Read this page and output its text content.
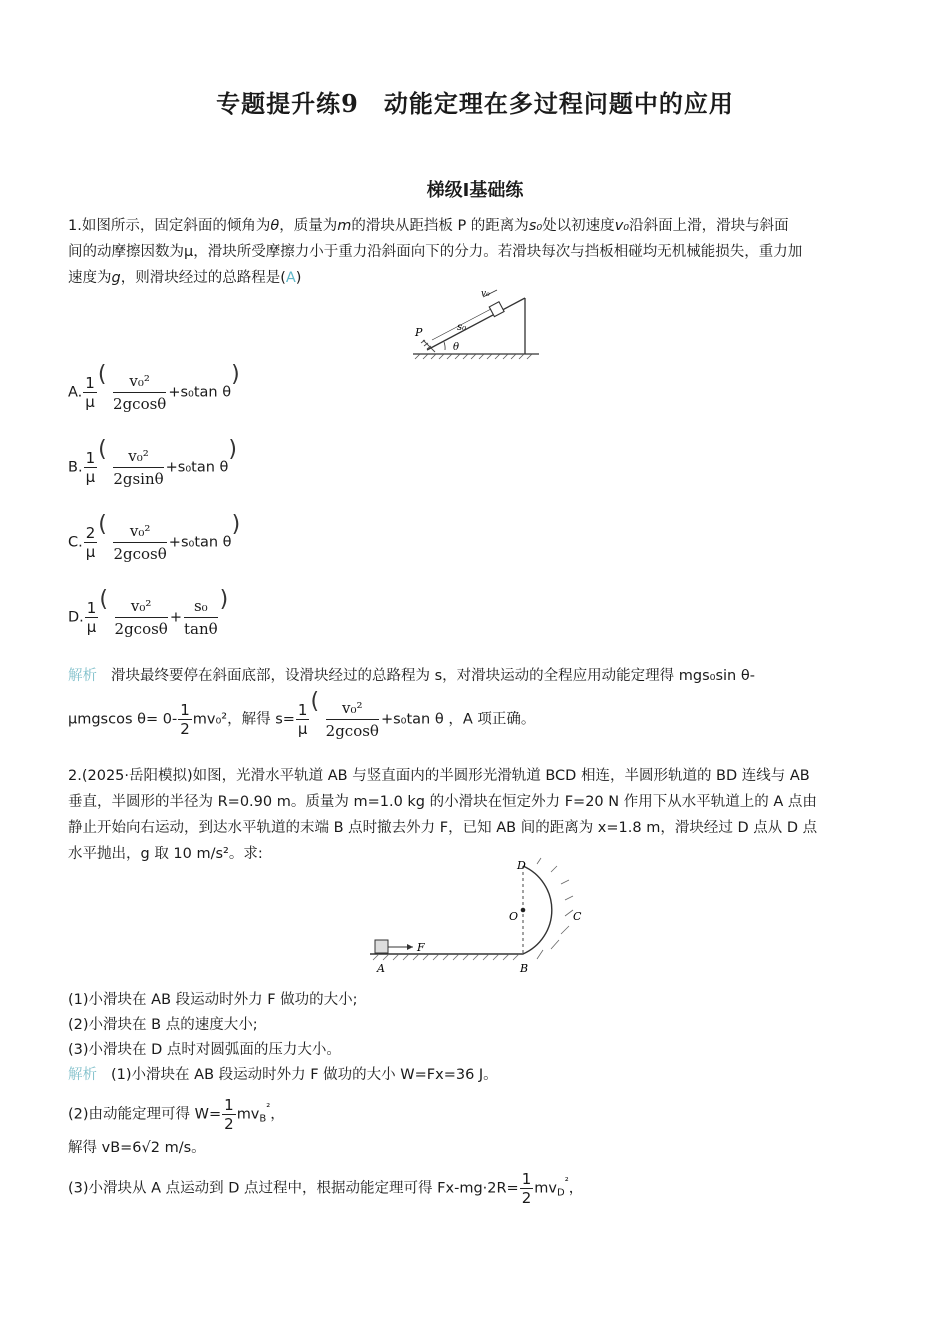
专题提升练9　动能定理在多过程问题中的应用
梯级Ⅰ基础练
1.如图所示，固定斜面的倾角为θ，质量为m的滑块从距挡板 P 的距离为s₀处以初速度v₀沿斜面上滑，滑块与斜面
间的动摩擦因数为μ，滑块所受摩擦力小于重力沿斜面向下的分力。若滑块每次与挡板相碰均无机械能损失，重力加
速度为g，则滑块经过的总路程是(A)
P	s₀
v₀
θ
A. $\frac{1}{\mu}$ ( $\frac{\text{v₀²}}{2gcos\theta} +s_0\tan$ θ)
B. $\frac{1}{\mu}$ ( $\frac{\text{v₀²}}{2gsin\theta} +s_0\tan$ θ)
C. $\frac{2}{\mu}$ ( $\frac{\text{v₀²}}{2gcos\theta} +s_0\tan$ θ)
D. $\frac{1}{\mu}$ ( $\frac{\text{v₀²}}{2gcos\theta} + \frac{\text{s₀}}{\tan\theta}$ )
解析 滑块最终要停在斜面底部，设滑块经过的总路程为 s，对滑块运动的全程应用动能定理得 mgs₀sin θ-
μmgscos $\theta= 0- \frac{1}{2} mv_0^2$，解得 $s= \frac{1}{\mu}$ ( $\frac{\text{v₀²}}{2gcos\theta} +s_0\tan$ θ ，A 项正确。
2.(2025·岳阳模拟)如图，光滑水平轨道 AB 与竖直面内的半圆形光滑轨道 BCD 相连，半圆形轨道的 BD 连线与 AB
垂直，半圆形的半径为 R=0.90 m。质量为 m=1.0 kg 的小滑块在恒定外力 F=20 N 作用下从水平轨道上的 A 点由
静止开始向右运动，到达水平轨道的末端 B 点时撤去外力 F，已知 AB 间的距离为 x=1.8 m，滑块经过 D 点从 D 点
水平抛出，g 取 10 m/s²。求:
A	B
C
D
O
F
(1)小滑块在 AB 段运动时外力 F 做功的大小;
(2)小滑块在 B 点的速度大小;
(3)小滑块在 D 点时对圆弧面的压力大小。
解析 (1)小滑块在 AB 段运动时外力 F 做功的大小 W=Fx=36 J。
(2)由动能定理可得 $W= \frac{1}{2} mv_B^{^2}$，
解得 vB=6√2 m/s。
(3)小滑块从 A 点运动到 D 点过程中，根据动能定理可得 $Fx-mg\cdot 2R= \frac{1}{2} mv_D^{^2}$，
